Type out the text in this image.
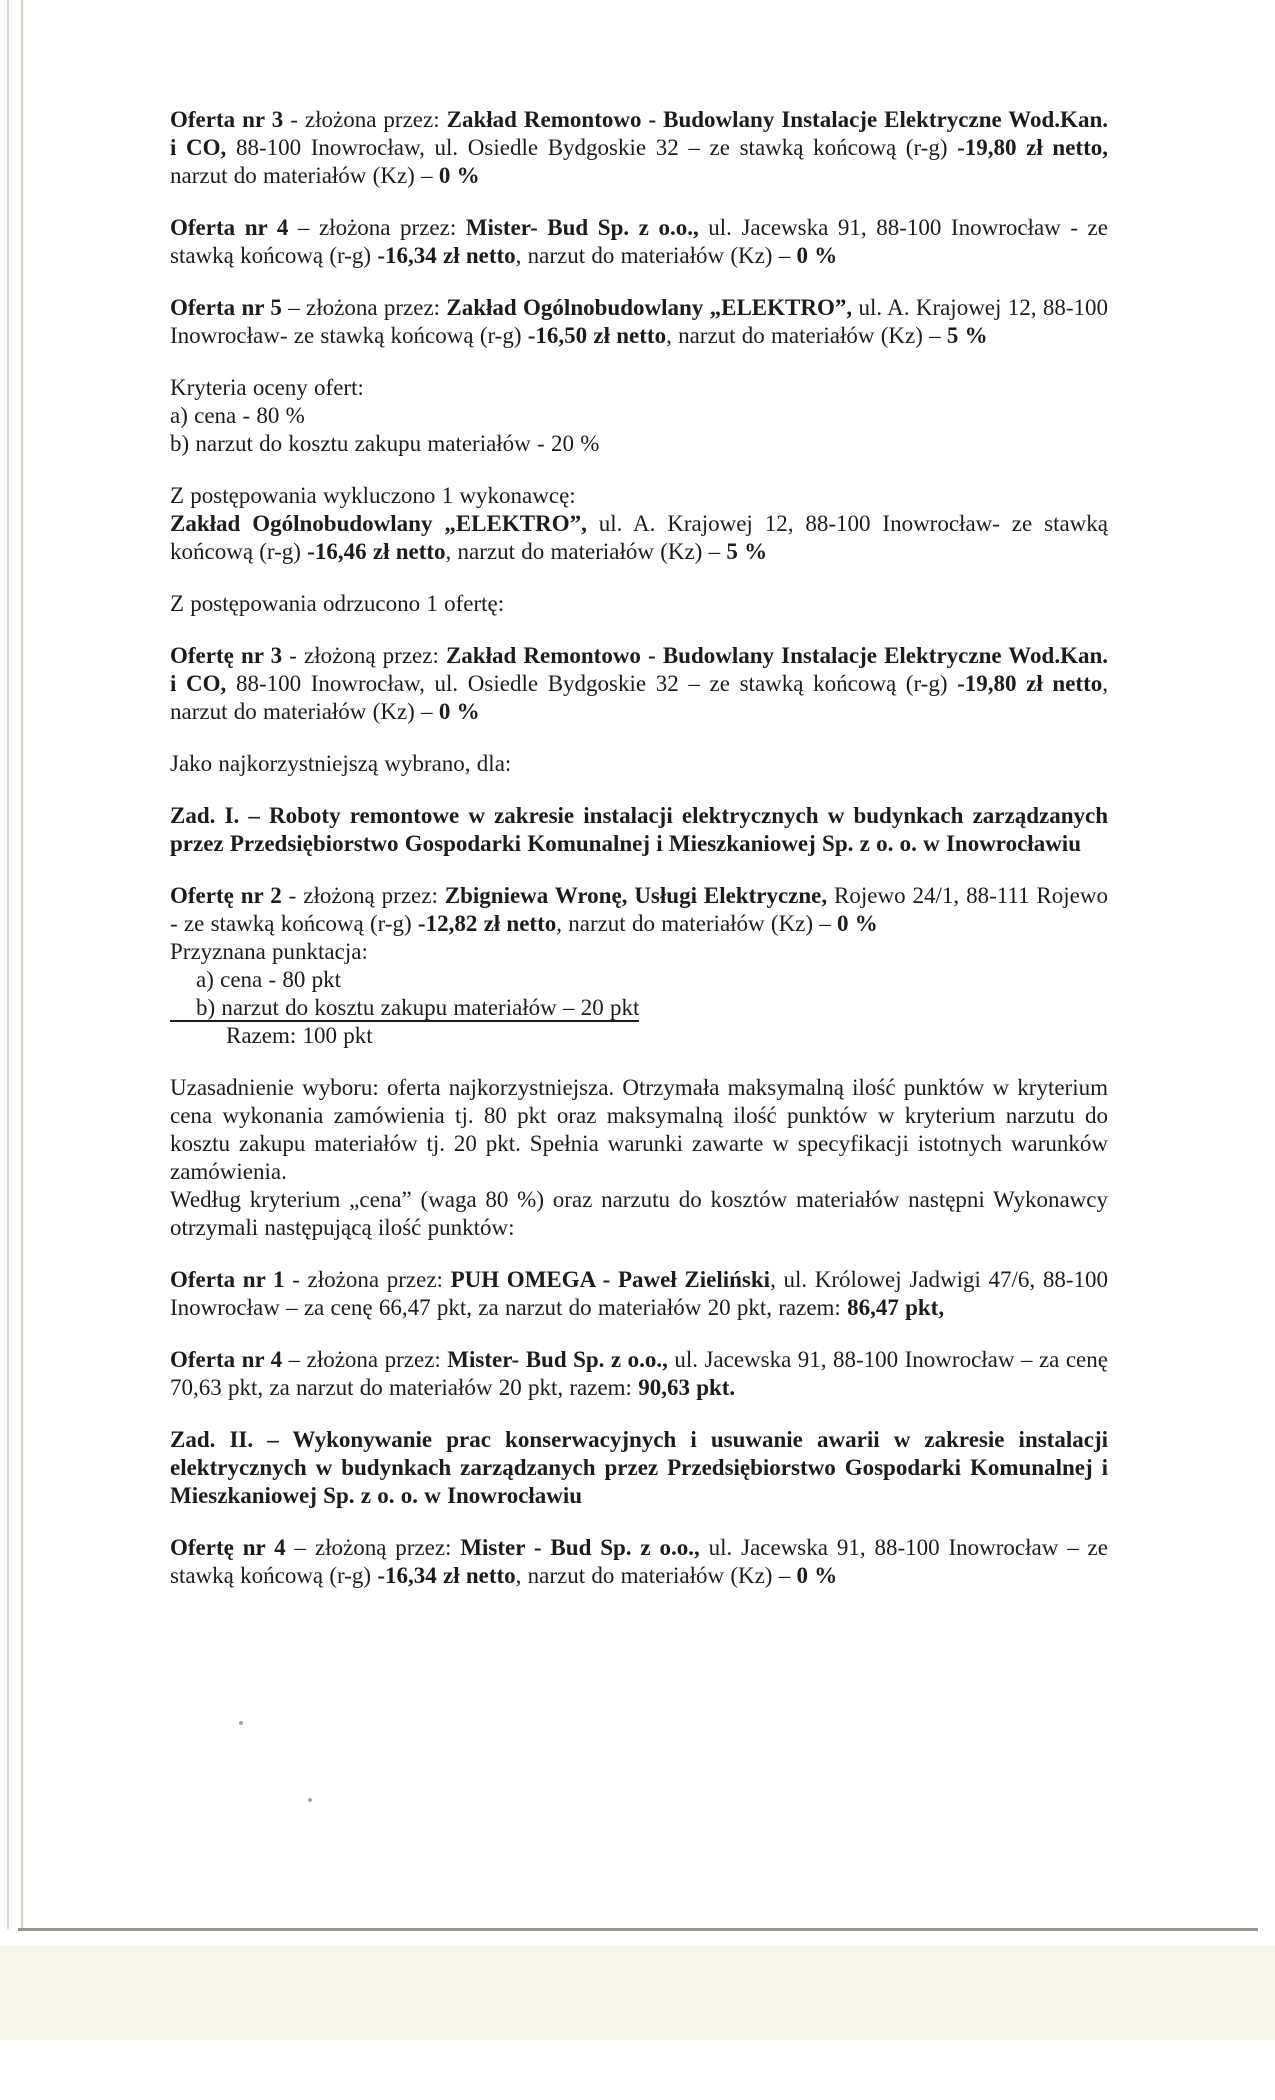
Oferta nr 3 - złożona przez: Zakład Remontowo - Budowlany Instalacje Elektryczne Wod.Kan. i CO, 88-100 Inowrocław, ul. Osiedle Bydgoskie 32 – ze stawką końcową (r-g) -19,80 zł netto, narzut do materiałów (Kz) – 0 %
Oferta nr 4 – złożona przez: Mister- Bud Sp. z o.o., ul. Jacewska 91, 88-100 Inowrocław - ze stawką końcową (r-g) -16,34 zł netto, narzut do materiałów (Kz) – 0 %
Oferta nr 5 – złożona przez: Zakład Ogólnobudowlany „ELEKTRO”, ul. A. Krajowej 12, 88-100 Inowrocław- ze stawką końcową (r-g) -16,50 zł netto, narzut do materiałów (Kz) – 5 %
Kryteria oceny ofert:
a) cena - 80 %
b) narzut do kosztu zakupu materiałów - 20 %
Z postępowania wykluczono 1 wykonawcę:
Zakład Ogólnobudowlany „ELEKTRO”, ul. A. Krajowej 12, 88-100 Inowrocław- ze stawką końcową (r-g) -16,46 zł netto, narzut do materiałów (Kz) – 5 %
Z postępowania odrzucono 1 ofertę:
Ofertę nr 3 - złożoną przez: Zakład Remontowo - Budowlany Instalacje Elektryczne Wod.Kan. i CO, 88-100 Inowrocław, ul. Osiedle Bydgoskie 32 – ze stawką końcową (r-g) -19,80 zł netto, narzut do materiałów (Kz) – 0 %
Jako najkorzystniejszą wybrano, dla:
Zad. I. – Roboty remontowe w zakresie instalacji elektrycznych w budynkach zarządzanych przez Przedsiębiorstwo Gospodarki Komunalnej i Mieszkaniowej Sp. z o. o. w Inowrocławiu
Ofertę nr 2 - złożoną przez: Zbigniewa Wronę, Usługi Elektryczne, Rojewo 24/1, 88-111 Rojewo - ze stawką końcową (r-g) -12,82 zł netto, narzut do materiałów (Kz) – 0 %
Przyznana punktacja:
a) cena - 80 pkt
b) narzut do kosztu zakupu materiałów – 20 pkt
Razem: 100 pkt
Uzasadnienie wyboru: oferta najkorzystniejsza. Otrzymała maksymalną ilość punktów w kryterium cena wykonania zamówienia tj. 80 pkt oraz maksymalną ilość punktów w kryterium narzutu do kosztu zakupu materiałów tj. 20 pkt. Spełnia warunki zawarte w specyfikacji istotnych warunków zamówienia.
Według kryterium „cena” (waga 80 %) oraz narzutu do kosztów materiałów następni Wykonawcy otrzymali następującą ilość punktów:
Oferta nr 1 - złożona przez: PUH OMEGA - Paweł Zieliński, ul. Królowej Jadwigi 47/6, 88-100 Inowrocław – za cenę 66,47 pkt, za narzut do materiałów 20 pkt, razem: 86,47 pkt,
Oferta nr 4 – złożona przez: Mister- Bud Sp. z o.o., ul. Jacewska 91, 88-100 Inowrocław – za cenę 70,63 pkt, za narzut do materiałów 20 pkt, razem: 90,63 pkt.
Zad. II. – Wykonywanie prac konserwacyjnych i usuwanie awarii w zakresie instalacji elektrycznych w budynkach zarządzanych przez Przedsiębiorstwo Gospodarki Komunalnej i Mieszkaniowej Sp. z o. o. w Inowrocławiu
Ofertę nr 4 – złożoną przez: Mister - Bud Sp. z o.o., ul. Jacewska 91, 88-100 Inowrocław – ze stawką końcową (r-g) -16,34 zł netto, narzut do materiałów (Kz) – 0 %
